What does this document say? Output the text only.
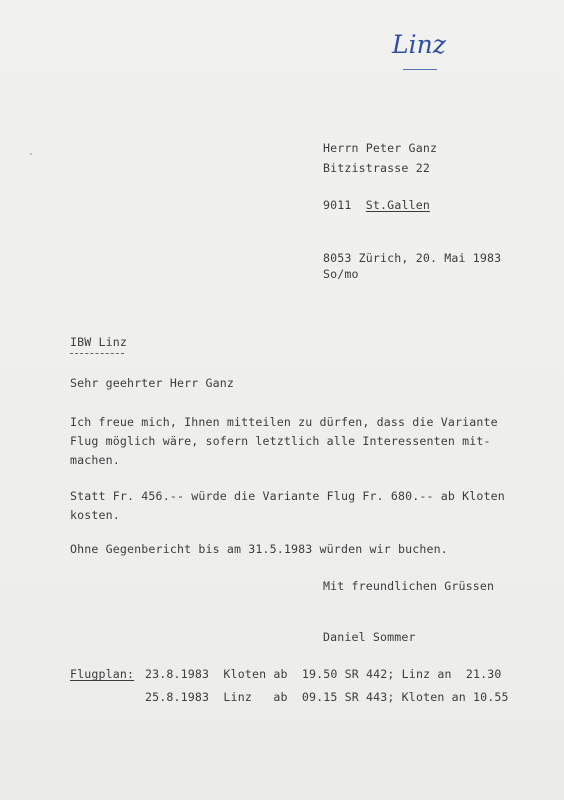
Linz
Herrn Peter Ganz
Bitzistrasse 22
9011 St.Gallen
8053 Zürich, 20. Mai 1983
So/mo
IBW Linz
Sehr geehrter Herr Ganz
Ich freue mich, Ihnen mitteilen zu dürfen, dass die Variante
Flug möglich wäre, sofern letztlich alle Interessenten mit-
machen.
Statt Fr. 456.-- würde die Variante Flug Fr. 680.-- ab Kloten
kosten.
Ohne Gegenbericht bis am 31.5.1983 würden wir buchen.
Mit freundlichen Grüssen
Daniel Sommer
Flugplan: 23.8.1983  Kloten ab  19.50 SR 442; Linz an  21.30
25.8.1983  Linz   ab  09.15 SR 443; Kloten an 10.55
